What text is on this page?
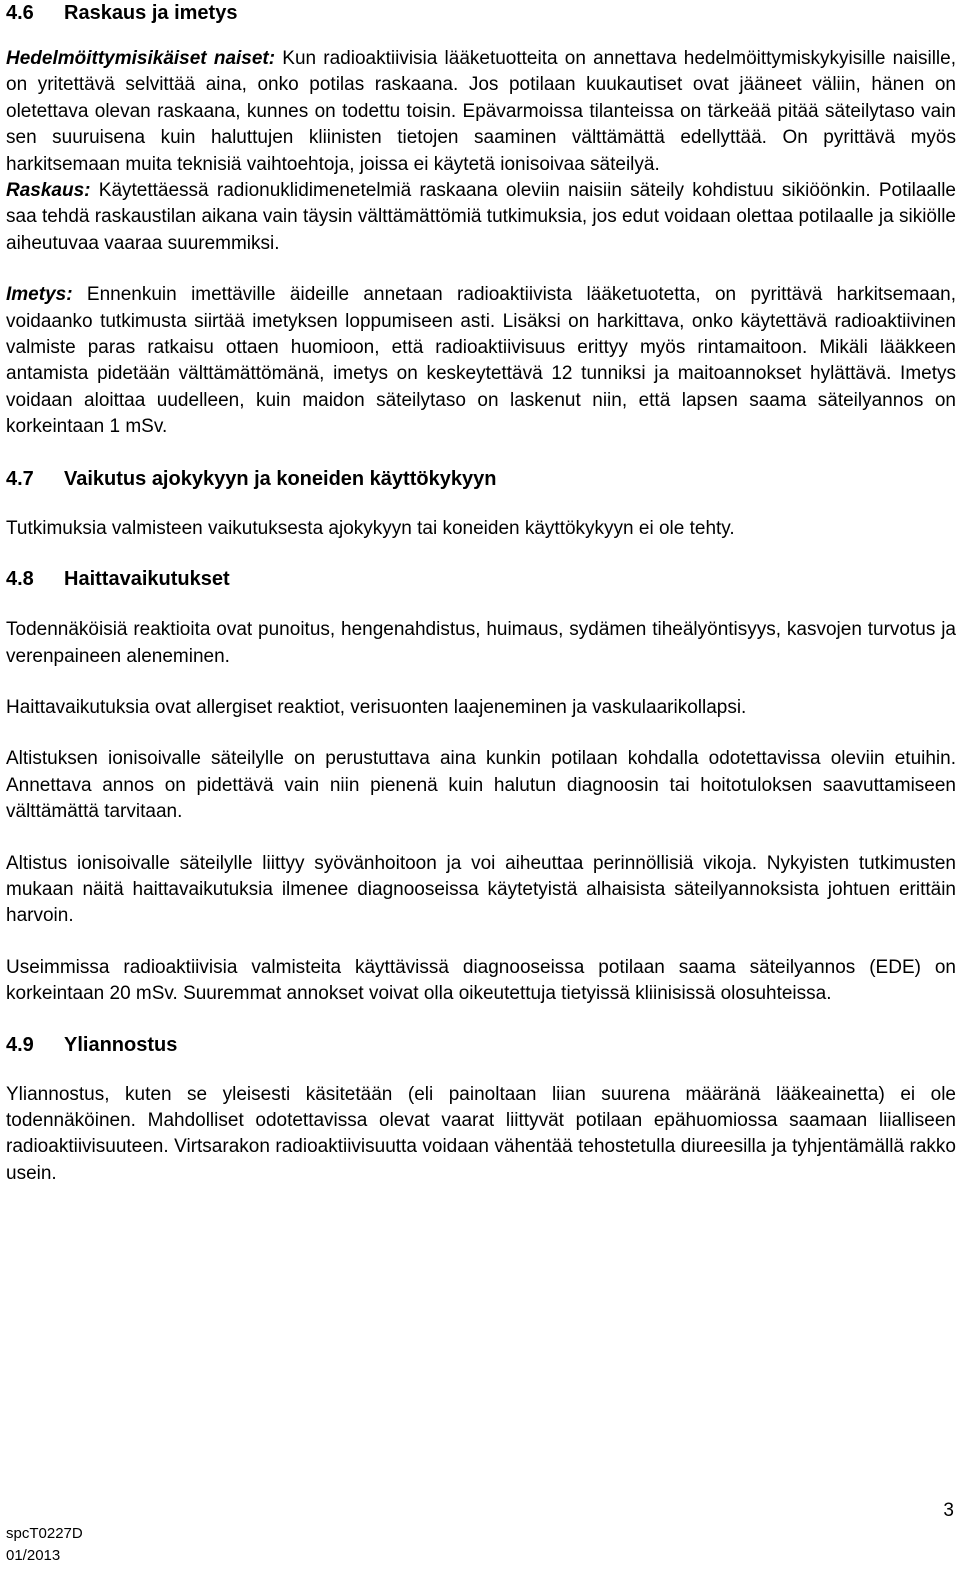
4.6	Raskaus ja imetys

Hedelmöittymisikäiset naiset: Kun radioaktiivisia lääketuotteita on annettava hedelmöittymiskykyisille naisille, on yritettävä selvittää aina, onko potilas raskaana. Jos potilaan kuukautiset ovat jääneet väliin, hänen on oletettava olevan raskaana, kunnes on todettu toisin. Epävarmoissa tilanteissa on tärkeää pitää säteilytaso vain sen suuruisena kuin haluttujen kliinisten tietojen saaminen välttämättä edellyttää. On pyrittävä myös harkitsemaan muita teknisiä vaihtoehtoja, joissa ei käytetä ionisoivaa säteilyä.

Raskaus: Käytettäessä radionuklidimenetelmiä raskaana oleviin naisiin säteily kohdistuu sikiöönkin. Potilaalle saa tehdä raskaustilan aikana vain täysin välttämättömiä tutkimuksia, jos edut voidaan olettaa potilaalle ja sikiölle aiheutuvaa vaaraa suuremmiksi.

Imetys: Ennenkuin imettäville äideille annetaan radioaktiivista lääketuotetta, on pyrittävä harkitsemaan, voidaanko tutkimusta siirtää imetyksen loppumiseen asti. Lisäksi on harkittava, onko käytettävä radioaktiivinen valmiste paras ratkaisu ottaen huomioon, että radioaktiivisuus erittyy myös rintamaitoon. Mikäli lääkkeen antamista pidetään välttämättömänä, imetys on keskeytettävä 12 tunniksi ja maitoannokset hylättävä. Imetys voidaan aloittaa uudelleen, kuin maidon säteilytaso on laskenut niin, että lapsen saama säteilyannos on korkeintaan 1 mSv.

4.7	Vaikutus ajokykyyn ja koneiden käyttökykyyn

Tutkimuksia valmisteen vaikutuksesta ajokykyyn tai koneiden käyttökykyyn ei ole tehty.

4.8	Haittavaikutukset

Todennäköisiä reaktioita ovat punoitus, hengenahdistus, huimaus, sydämen tiheälyöntisyys, kasvojen turvotus ja verenpaineen aleneminen.

Haittavaikutuksia ovat allergiset reaktiot, verisuonten laajeneminen ja vaskulaarikollapsi.

Altistuksen ionisoivalle säteilylle on perustuttava aina kunkin potilaan kohdalla odotettavissa oleviin etuihin. Annettava annos on pidettävä vain niin pienenä kuin halutun diagnoosin tai hoitotuloksen saavuttamiseen välttämättä tarvitaan.

Altistus ionisoivalle säteilylle liittyy syövänhoitoon ja voi aiheuttaa perinnöllisiä vikoja. Nykyisten tutkimusten mukaan näitä haittavaikutuksia ilmenee diagnooseissa käytetyistä alhaisista säteilyannoksista johtuen erittäin harvoin.

Useimmissa radioaktiivisia valmisteita käyttävissä diagnooseissa potilaan saama säteilyannos (EDE) on korkeintaan 20 mSv. Suuremmat annokset voivat olla oikeutettuja tietyissä kliinisissä olosuhteissa.

4.9	Yliannostus

Yliannostus, kuten se yleisesti käsitetään (eli painoltaan liian suurena määränä lääkeainetta) ei ole todennäköinen. Mahdolliset odotettavissa olevat vaarat liittyvät potilaan epähuomiossa saamaan liialliseen radioaktiivisuuteen. Virtsarakon radioaktiivisuutta voidaan vähentää tehostetulla diureesilla ja tyhjentämällä rakko usein.

spcT0227D
01/2013
3
